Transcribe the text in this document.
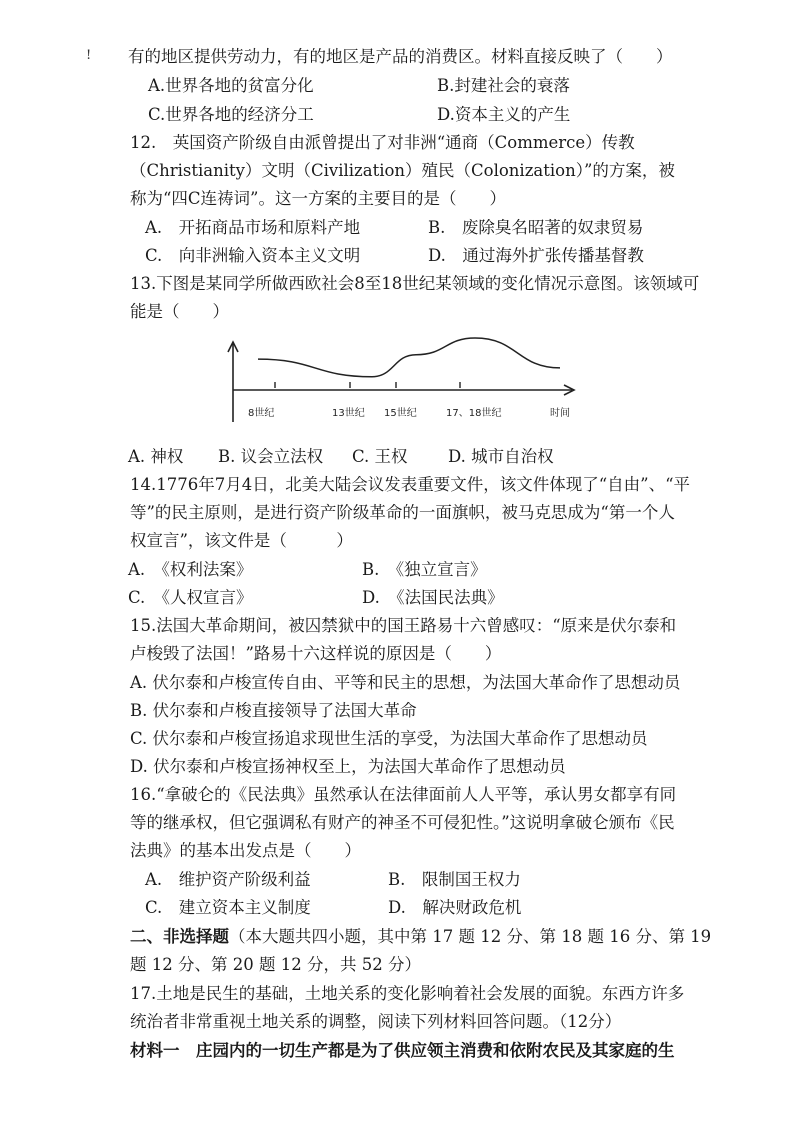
! 有的地区提供劳动力，有的地区是产品的消费区。材料直接反映了（　　）
A.世界各地的贫富分化	B.封建社会的衰落
C.世界各地的经济分工	D.资本主义的产生
12.　英国资产阶级自由派曾提出了对非洲“通商（Commerce）传教
（Christianity）文明（Civilization）殖民（Colonization）”的方案，被
称为“四C连祷词”。这一方案的主要目的是（　　）
A.　开拓商品市场和原料产地	B.　废除臭名昭著的奴隶贸易
C.　向非洲输入资本主义文明	D.　通过海外扩张传播基督教
13.下图是某同学所做西欧社会8至18世纪某领域的变化情况示意图。该领域可
能是（　　）
8世纪	13世纪 15世纪	17、18世纪	时间
A. 神权 B. 议会立法权 C. 王权 D. 城市自治权
14.1776年7月4日，北美大陆会议发表重要文件，该文件体现了“自由”、“平
等”的民主原则，是进行资产阶级革命的一面旗帜，被马克思成为“第一个人
权宣言”，该文件是（　　　）
A.　《权利法案》	B.　《独立宣言》
C.　《人权宣言》	D.　《法国民法典》
15.法国大革命期间，被囚禁狱中的国王路易十六曾感叹：“原来是伏尔泰和
卢梭毁了法国！”路易十六这样说的原因是（　　）
A. 伏尔泰和卢梭宣传自由、平等和民主的思想，为法国大革命作了思想动员
B. 伏尔泰和卢梭直接领导了法国大革命
C. 伏尔泰和卢梭宣扬追求现世生活的享受，为法国大革命作了思想动员
D. 伏尔泰和卢梭宣扬神权至上，为法国大革命作了思想动员
16.“拿破仑的《民法典》虽然承认在法律面前人人平等，承认男女都享有同
等的继承权，但它强调私有财产的神圣不可侵犯性。”这说明拿破仑颁布《民
法典》的基本出发点是（　　）
A.　维护资产阶级利益	B.　限制国王权力
C.　建立资本主义制度	D.　解决财政危机
二、非选择题（本大题共四小题，其中第 17 题 12 分、第 18 题 16 分、第 19
题 12 分、第 20 题 12 分，共 52 分）
17.土地是民生的基础，土地关系的变化影响着社会发展的面貌。东西方许多
统治者非常重视土地关系的调整，阅读下列材料回答问题。（12分）
材料一　庄园内的一切生产都是为了供应领主消费和依附农民及其家庭的生
